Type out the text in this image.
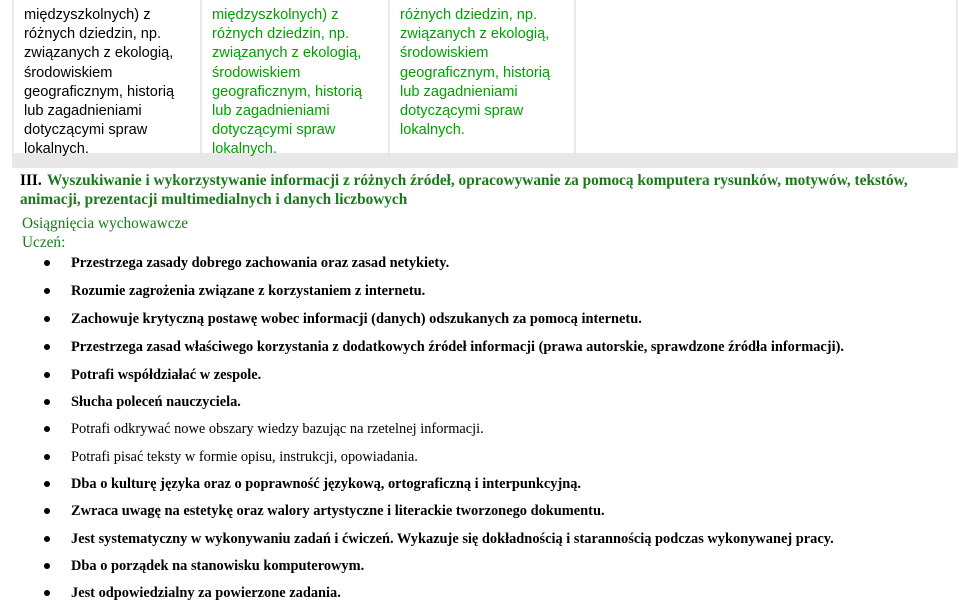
międzyszkolnych) z
różnych dziedzin, np.
związanych z ekologią,
środowiskiem
geograficznym, historią
lub zagadnieniami
dotyczącymi spraw
lokalnych.

międzyszkolnych) z
różnych dziedzin, np.
związanych z ekologią,
środowiskiem
geograficznym, historią
lub zagadnieniami
dotyczącymi spraw
lokalnych.

różnych dziedzin, np.
związanych z ekologią,
środowiskiem
geograficznym, historią
lub zagadnieniami
dotyczącymi spraw
lokalnych.

III. Wyszukiwanie i wykorzystywanie informacji z różnych źródeł, opracowywanie za pomocą komputera rysunków, motywów, tekstów,
animacji, prezentacji multimedialnych i danych liczbowych
Osiągnięcia wychowawcze
Uczeń:
Przestrzega zasady dobrego zachowania oraz zasad netykiety.
Rozumie zagrożenia związane z korzystaniem z internetu.
Zachowuje krytyczną postawę wobec informacji (danych) odszukanych za pomocą internetu.
Przestrzega zasad właściwego korzystania z dodatkowych źródeł informacji (prawa autorskie, sprawdzone źródła informacji).
Potrafi współdziałać w zespole.
Słucha poleceń nauczyciela.
Potrafi odkrywać nowe obszary wiedzy bazując na rzetelnej informacji.
Potrafi pisać teksty w formie opisu, instrukcji, opowiadania.
Dba o kulturę języka oraz o poprawność językową, ortograficzną i interpunkcyjną.
Zwraca uwagę na estetykę oraz walory artystyczne i literackie tworzonego dokumentu.
Jest systematyczny w wykonywaniu zadań i ćwiczeń. Wykazuje się dokładnością i starannością podczas wykonywanej pracy.
Dba o porządek na stanowisku komputerowym.
Jest odpowiedzialny za powierzone zadania.
